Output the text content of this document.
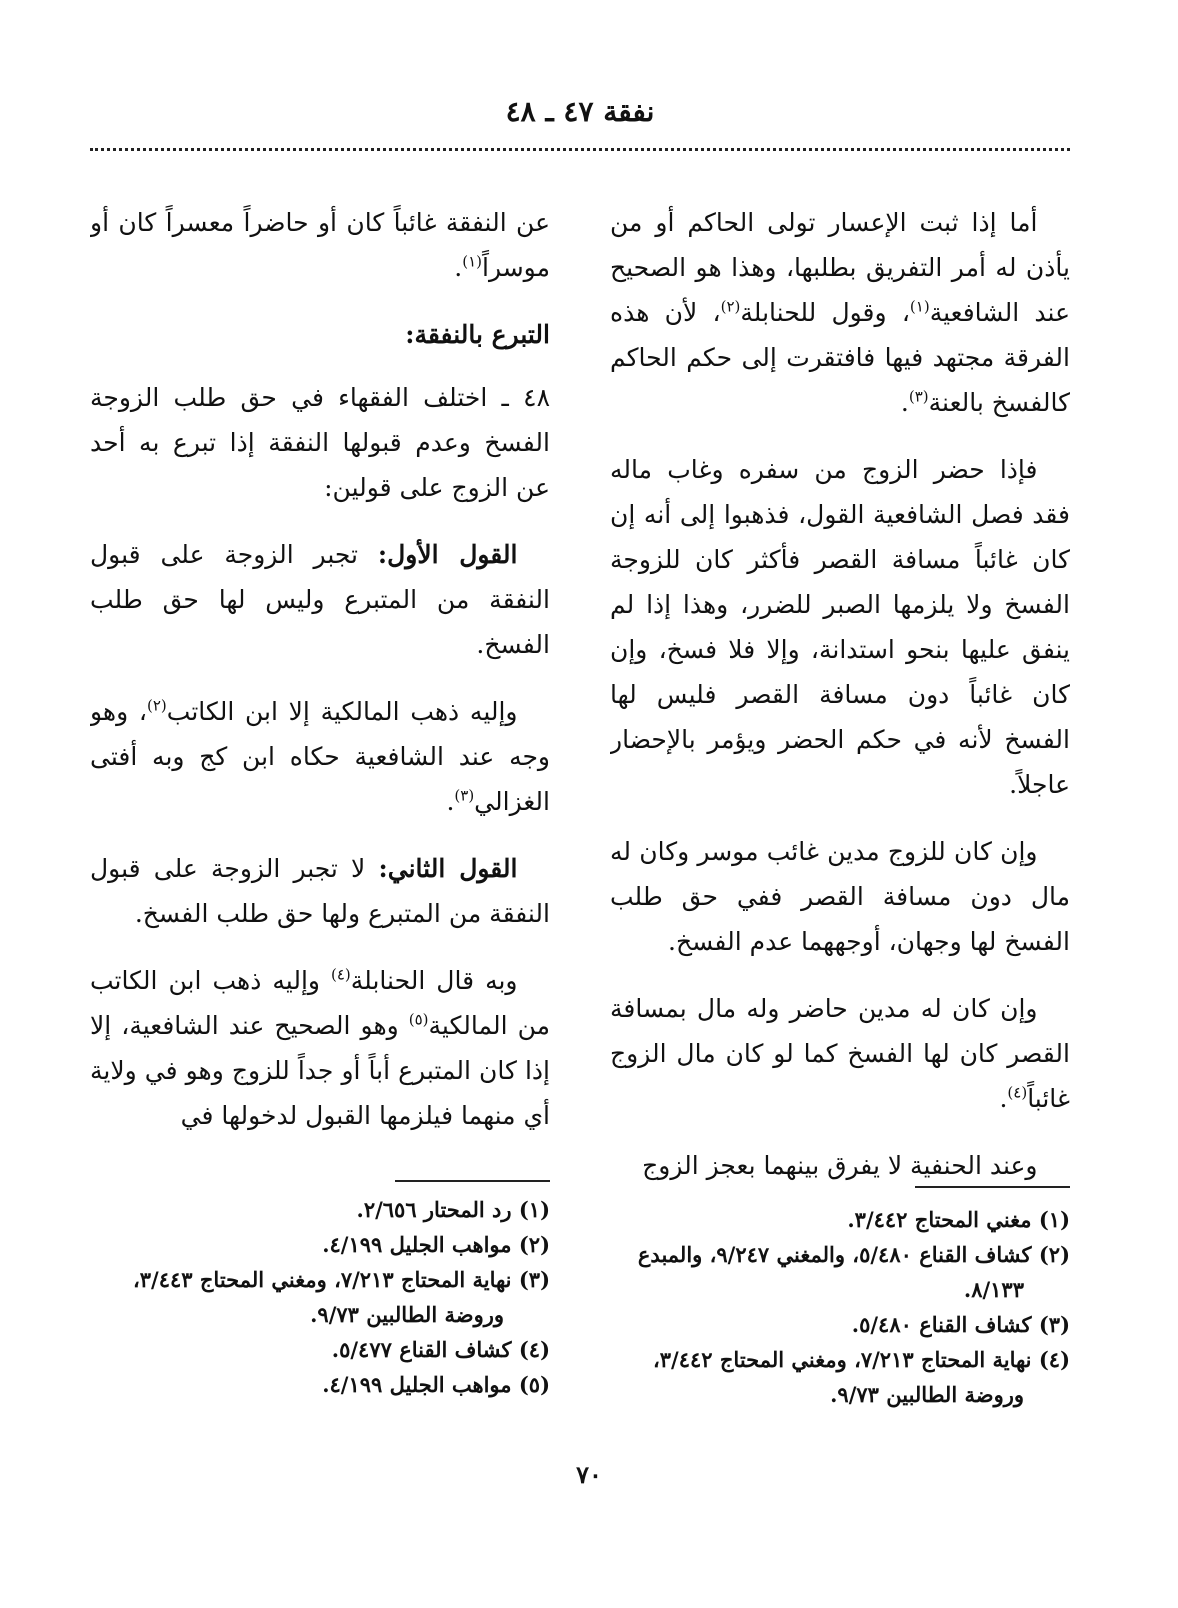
نفقة ٤٧ ـ ٤٨

أما إذا ثبت الإعسار تولى الحاكم أو من يأذن له أمر التفريق بطلبها، وهذا هو الصحيح عند الشافعية$^{(١)}$، وقول للحنابلة$^{(٢)}$، لأن هذه الفرقة مجتهد فيها فافتقرت إلى حكم الحاكم كالفسخ بالعنة$^{(٣)}$.

فإذا حضر الزوج من سفره وغاب ماله فقد فصل الشافعية القول، فذهبوا إلى أنه إن كان غائباً مسافة القصر فأكثر كان للزوجة الفسخ ولا يلزمها الصبر للضرر، وهذا إذا لم ينفق عليها بنحو استدانة، وإلا فلا فسخ، وإن كان غائباً دون مسافة القصر فليس لها الفسخ لأنه في حكم الحضر ويؤمر بالإحضار عاجلاً.

وإن كان للزوج مدين غائب موسر وكان له مال دون مسافة القصر ففي حق طلب الفسخ لها وجهان، أوجههما عدم الفسخ.

وإن كان له مدين حاضر وله مال بمسافة القصر كان لها الفسخ كما لو كان مال الزوج غائباً$^{(٤)}$.

وعند الحنفية لا يفرق بينهما بعجز الزوج

(١) مغني المحتاج ٣/٤٤٢.

(٢) كشاف القناع ٥/٤٨٠، والمغني ٩/٢٤٧، والمبدع ٨/١٣٣.

(٣) كشاف القناع ٥/٤٨٠.

(٤) نهاية المحتاج ٧/٢١٣، ومغني المحتاج ٣/٤٤٢، وروضة الطالبين ٩/٧٣.

عن النفقة غائباً كان أو حاضراً معسراً كان أو موسراً$^{(١)}$.

التبرع بالنفقة:

٤٨ ـ اختلف الفقهاء في حق طلب الزوجة الفسخ وعدم قبولها النفقة إذا تبرع به أحد عن الزوج على قولين:

القول الأول: تجبر الزوجة على قبول النفقة من المتبرع وليس لها حق طلب الفسخ.

وإليه ذهب المالكية إلا ابن الكاتب$^{(٢)}$، وهو وجه عند الشافعية حكاه ابن كج وبه أفتى الغزالي$^{(٣)}$.

القول الثاني: لا تجبر الزوجة على قبول النفقة من المتبرع ولها حق طلب الفسخ.

وبه قال الحنابلة$^{(٤)}$ وإليه ذهب ابن الكاتب من المالكية$^{(٥)}$ وهو الصحيح عند الشافعية، إلا إذا كان المتبرع أباً أو جداً للزوج وهو في ولاية أي منهما فيلزمها القبول لدخولها في

(١) رد المحتار ٢/٦٥٦.

(٢) مواهب الجليل ٤/١٩٩.

(٣) نهاية المحتاج ٧/٢١٣، ومغني المحتاج ٣/٤٤٣، وروضة الطالبين ٩/٧٣.

(٤) كشاف القناع ٥/٤٧٧.

(٥) مواهب الجليل ٤/١٩٩.

٧٠
